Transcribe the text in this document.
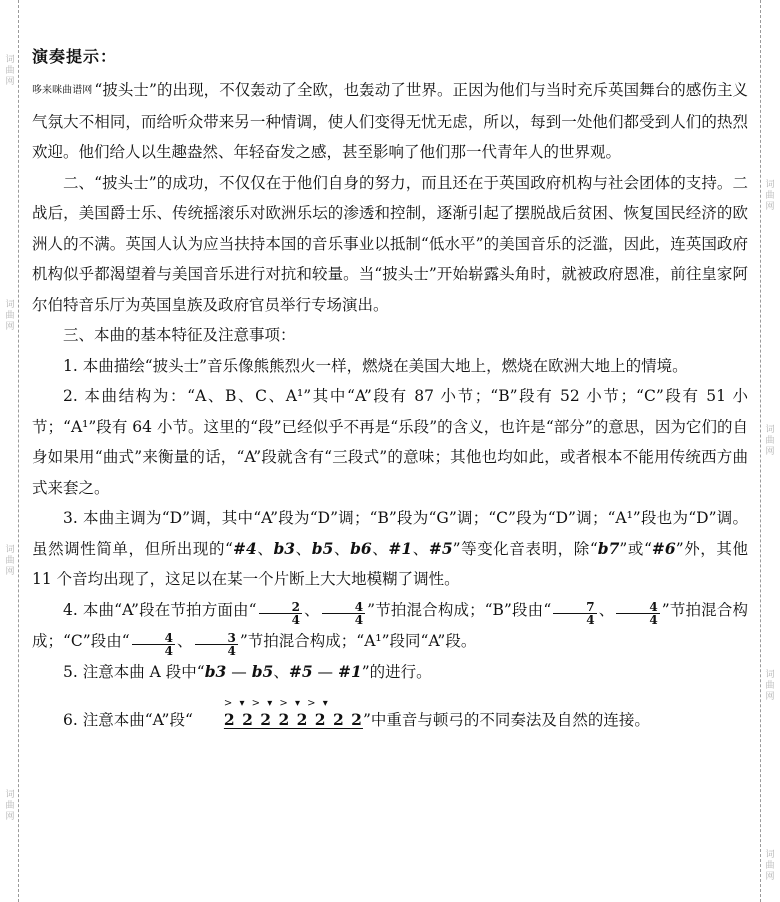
词
曲
网
词
曲
网
词
曲
网
词
曲
网
词
曲
网
词
曲
网
词
曲
网
词
曲
网
演奏提示：

哆来咪曲谱网 “披头士”的出现，不仅轰动了全欧，也轰动了世界。正因为他们与当时充斥英国舞台的感伤主义气氛大不相同，而给听众带来另一种情调，使人们变得无忧无虑，所以，每到一处他们都受到人们的热烈欢迎。他们给人以生趣盎然、年轻奋发之感，甚至影响了他们那一代青年人的世界观。

二、“披头士”的成功，不仅仅在于他们自身的努力，而且还在于英国政府机构与社会团体的支持。二战后，美国爵士乐、传统摇滚乐对欧洲乐坛的渗透和控制，逐渐引起了摆脱战后贫困、恢复国民经济的欧洲人的不满。英国人认为应当扶持本国的音乐事业以抵制“低水平”的美国音乐的泛滥，因此，连英国政府机构似乎都渴望着与美国音乐进行对抗和较量。当“披头士”开始崭露头角时，就被政府恩准，前往皇家阿尔伯特音乐厅为英国皇族及政府官员举行专场演出。

三、本曲的基本特征及注意事项：

1. 本曲描绘“披头士”音乐像熊熊烈火一样，燃烧在美国大地上，燃烧在欧洲大地上的情境。

2. 本曲结构为：“A、B、C、A¹”其中“A”段有 87 小节；“B”段有 52 小节；“C”段有 51 小节；“A¹”段有 64 小节。这里的“段”已经似乎不再是“乐段”的含义，也许是“部分”的意思，因为它们的自身如果用“曲式”来衡量的话，“A”段就含有“三段式”的意味；其他也均如此，或者根本不能用传统西方曲式来套之。

3. 本曲主调为“D”调，其中“A”段为“D”调；“B”段为“G”调；“C”段为“D”调；“A¹”段也为“D”调。虽然调性简单，但所出现的“#4、b3、b5、b6、#1、#5”等变化音表明，除“b7”或“#6”外，其他 11 个音均出现了，这足以在某一个片断上大大地模糊了调性。

4. 本曲“A”段在节拍方面由“ $\frac{2}{4}$ 、 $\frac{4}{4}$ ”节拍混合构成；“B”段由“ $\frac{7}{4}$ 、 $\frac{4}{4}$ ”节拍混合构成；“C”段由“ $\frac{4}{4}$ 、 $\frac{3}{4}$ ”节拍混合构成；“A¹”段同“A”段。

5. 注意本曲 A 段中“b3 — b5、#5 — #1”的进行。

6. 注意本曲“A”段“
> ▾ > ▾ > ▾ > ▾
2 2 2 2 2 2 2 2”中重音与顿弓的不同奏法及自然的连接。
